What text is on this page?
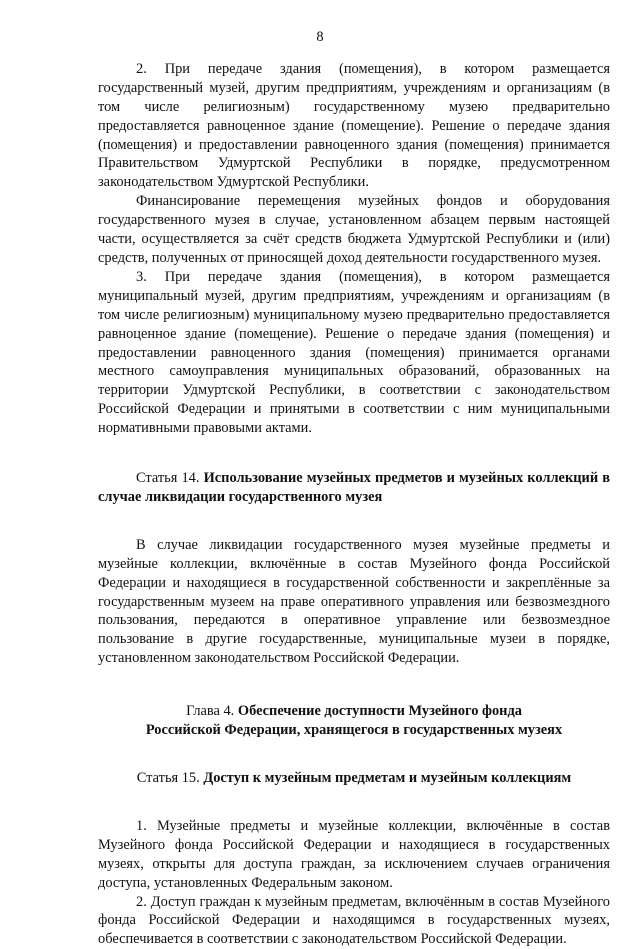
8

2. При передаче здания (помещения), в котором размещается государственный музей, другим предприятиям, учреждениям и организациям (в том числе религиозным) государственному музею предварительно предоставляется равноценное здание (помещение). Решение о передаче здания (помещения) и предоставлении равноценного здания (помещения) принимается Правительством Удмуртской Республики в порядке, предусмотренном законодательством Удмуртской Республики.

Финансирование перемещения музейных фондов и оборудования государственного музея в случае, установленном абзацем первым настоящей части, осуществляется за счёт средств бюджета Удмуртской Республики и (или) средств, полученных от приносящей доход деятельности государственного музея.

3. При передаче здания (помещения), в котором размещается муниципальный музей, другим предприятиям, учреждениям и организациям (в том числе религиозным) муниципальному музею предварительно предоставляется равноценное здание (помещение). Решение о передаче здания (помещения) и предоставлении равноценного здания (помещения) принимается органами местного самоуправления муниципальных образований, образованных на территории Удмуртской Республики, в соответствии с законодательством Российской Федерации и принятыми в соответствии с ним муниципальными нормативными правовыми актами.

Статья 14. Использование музейных предметов и музейных коллекций в случае ликвидации государственного музея

В случае ликвидации государственного музея музейные предметы и музейные коллекции, включённые в состав Музейного фонда Российской Федерации и находящиеся в государственной собственности и закреплённые за государственным музеем на праве оперативного управления или безвозмездного пользования, передаются в оперативное управление или безвозмездное пользование в другие государственные, муниципальные музеи в порядке, установленном законодательством Российской Федерации.

Глава 4. Обеспечение доступности Музейного фонда
Российской Федерации, хранящегося в государственных музеях
Статья 15. Доступ к музейным предметам и музейным коллекциям

1. Музейные предметы и музейные коллекции, включённые в состав Музейного фонда Российской Федерации и находящиеся в государственных музеях, открыты для доступа граждан, за исключением случаев ограничения доступа, установленных Федеральным законом.

2. Доступ граждан к музейным предметам, включённым в состав Музейного фонда Российской Федерации и находящимся в государственных музеях, обеспечивается в соответствии с законодательством Российской Федерации.
